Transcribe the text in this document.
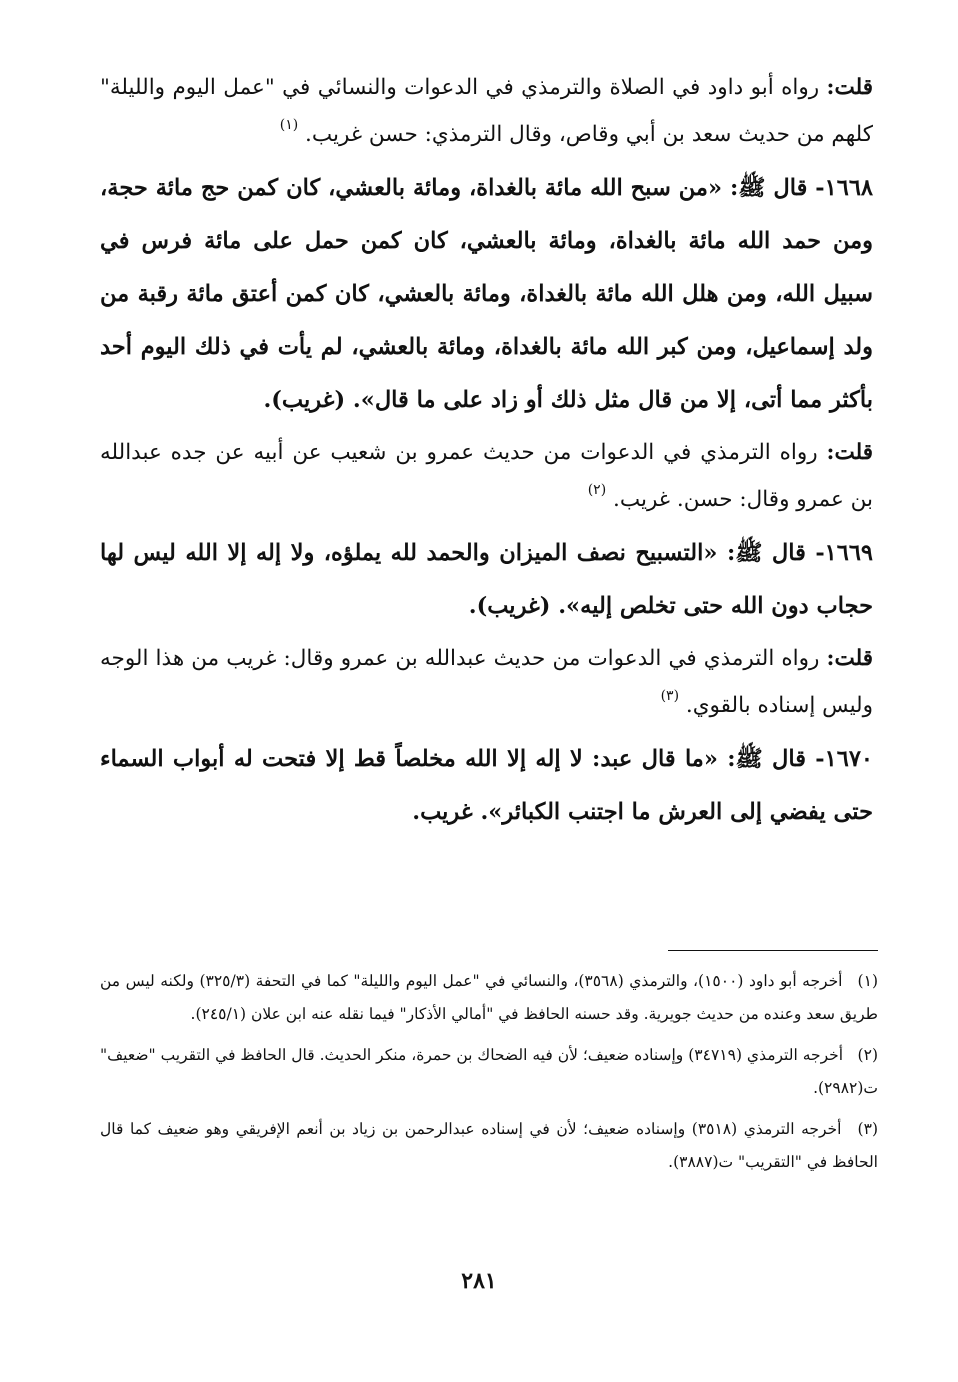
قلت: رواه أبو داود في الصلاة والترمذي في الدعوات والنسائي في "عمل اليوم والليلة" كلهم من حديث سعد بن أبي وقاص، وقال الترمذي: حسن غريب. $^{(١)}$

١٦٦٨- قال ﷺ: «من سبح الله مائة بالغداة، ومائة بالعشي، كان كمن حج مائة حجة، ومن حمد الله مائة بالغداة، ومائة بالعشي، كان كمن حمل على مائة فرس في سبيل الله، ومن هلل الله مائة بالغداة، ومائة بالعشي، كان كمن أعتق مائة رقبة من ولد إسماعيل، ومن كبر الله مائة بالغداة، ومائة بالعشي، لم يأت في ذلك اليوم أحد بأكثر مما أتى، إلا من قال مثل ذلك أو زاد على ما قال». (غريب).

قلت: رواه الترمذي في الدعوات من حديث عمرو بن شعيب عن أبيه عن جده عبدالله بن عمرو وقال: حسن. غريب. $^{(٢)}$

١٦٦٩- قال ﷺ: «التسبيح نصف الميزان والحمد لله يملؤه، ولا إله إلا الله ليس لها حجاب دون الله حتى تخلص إليه». (غريب).

قلت: رواه الترمذي في الدعوات من حديث عبدالله بن عمرو وقال: غريب من هذا الوجه وليس إسناده بالقوي. $^{(٣)}$

١٦٧٠- قال ﷺ: «ما قال عبد: لا إله إلا الله مخلصاً قط إلا فتحت له أبواب السماء حتى يفضي إلى العرش ما اجتنب الكبائر». غريب.

(١) أخرجه أبو داود (١٥٠٠)، والترمذي (٣٥٦٨)، والنسائي في "عمل اليوم والليلة" كما في التحفة (٣٢٥/٣) ولكنه ليس من طريق سعد وعنده من حديث جويرية. وقد حسنه الحافظ في "أمالي الأذكار" فيما نقله عنه ابن علان (٢٤٥/١).

(٢) أخرجه الترمذي (٣٤٧١٩) وإسناده ضعيف؛ لأن فيه الضحاك بن حمرة، منكر الحديث. قال الحافظ في التقريب "ضعيف" ت(٢٩٨٢).

(٣) أخرجه الترمذي (٣٥١٨) وإسناده ضعيف؛ لأن في إسناده عبدالرحمن بن زياد بن أنعم الإفريقي وهو ضعيف كما قال الحافظ في "التقريب" ت(٣٨٨٧).

٢٨١
